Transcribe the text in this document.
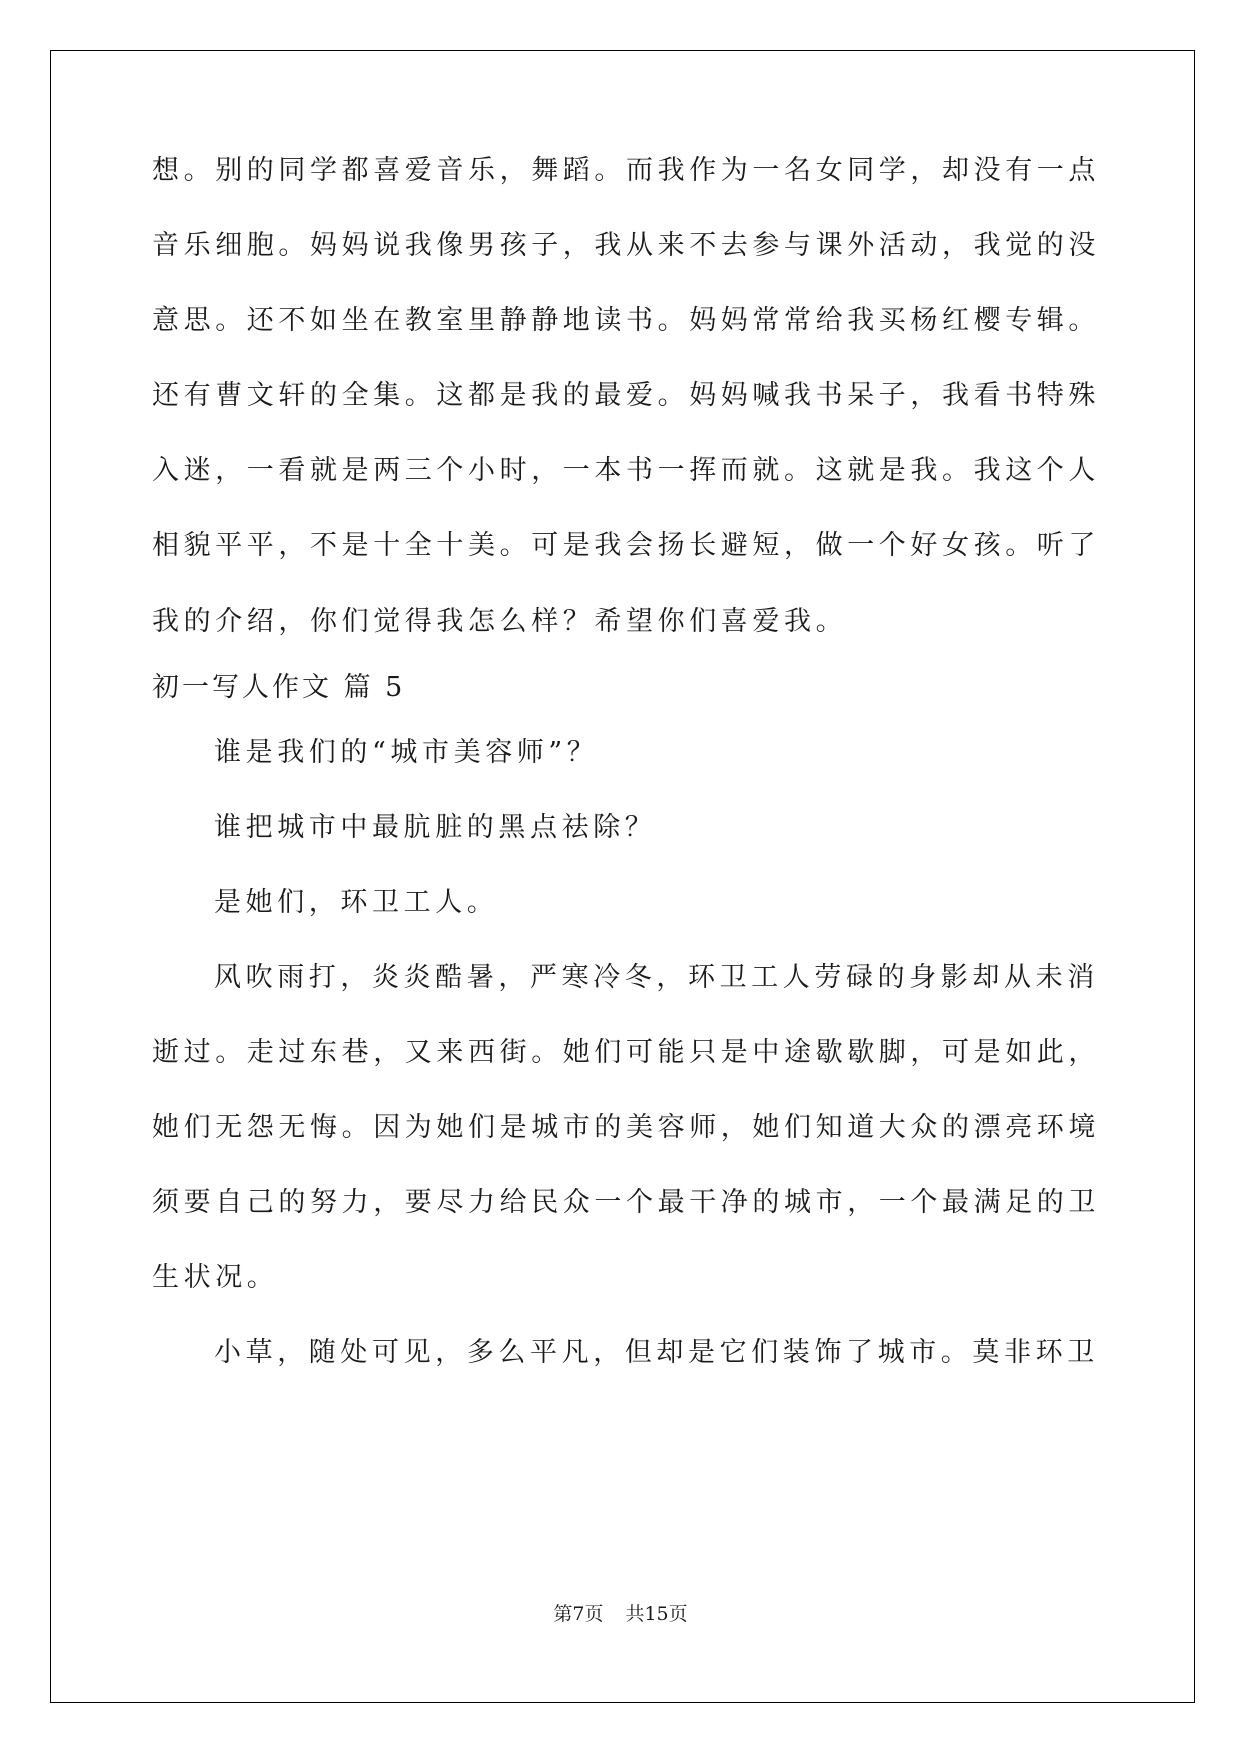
想。别的同学都喜爱音乐，舞蹈。而我作为一名女同学，却没有一点
音乐细胞。妈妈说我像男孩子，我从来不去参与课外活动，我觉的没
意思。还不如坐在教室里静静地读书。妈妈常常给我买杨红樱专辑。
还有曹文轩的全集。这都是我的最爱。妈妈喊我书呆子，我看书特殊
入迷，一看就是两三个小时，一本书一挥而就。这就是我。我这个人
相貌平平，不是十全十美。可是我会扬长避短，做一个好女孩。听了
我的介绍，你们觉得我怎么样？希望你们喜爱我。
初一写人作文 篇 5
谁是我们的“城市美容师”？
谁把城市中最肮脏的黑点祛除？
是她们，环卫工人。
风吹雨打，炎炎酷暑，严寒冷冬，环卫工人劳碌的身影却从未消
逝过。走过东巷，又来西街。她们可能只是中途歇歇脚，可是如此，
她们无怨无悔。因为她们是城市的美容师，她们知道大众的漂亮环境
须要自己的努力，要尽力给民众一个最干净的城市，一个最满足的卫
生状况。
小草，随处可见，多么平凡，但却是它们装饰了城市。莫非环卫
第7页 共15页
